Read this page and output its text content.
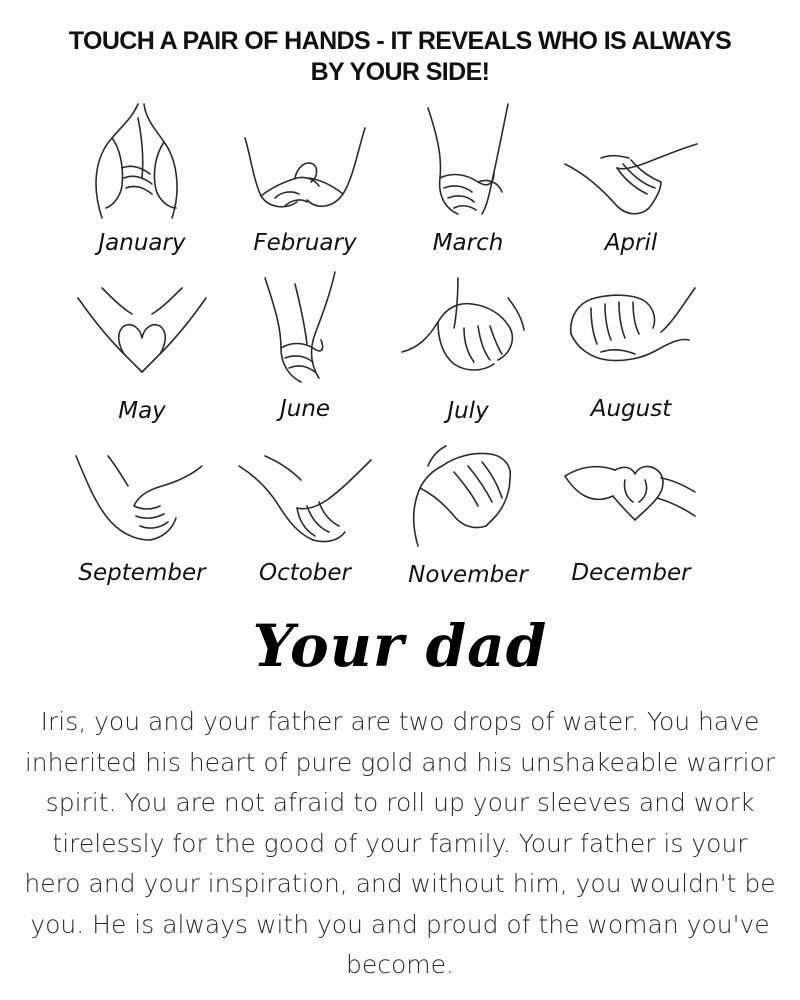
TOUCH A PAIR OF HANDS - IT REVEALS WHO IS ALWAYS
BY YOUR SIDE!
January	February	March	April
May	June	July	August
September	October	November	December
Your dad
Iris, you and your father are two drops of water. You have inherited his heart of pure gold and his unshakeable warrior spirit. You are not afraid to roll up your sleeves and work tirelessly for the good of your family. Your father is your hero and your inspiration, and without him, you wouldn't be you. He is always with you and proud of the woman you've become.
